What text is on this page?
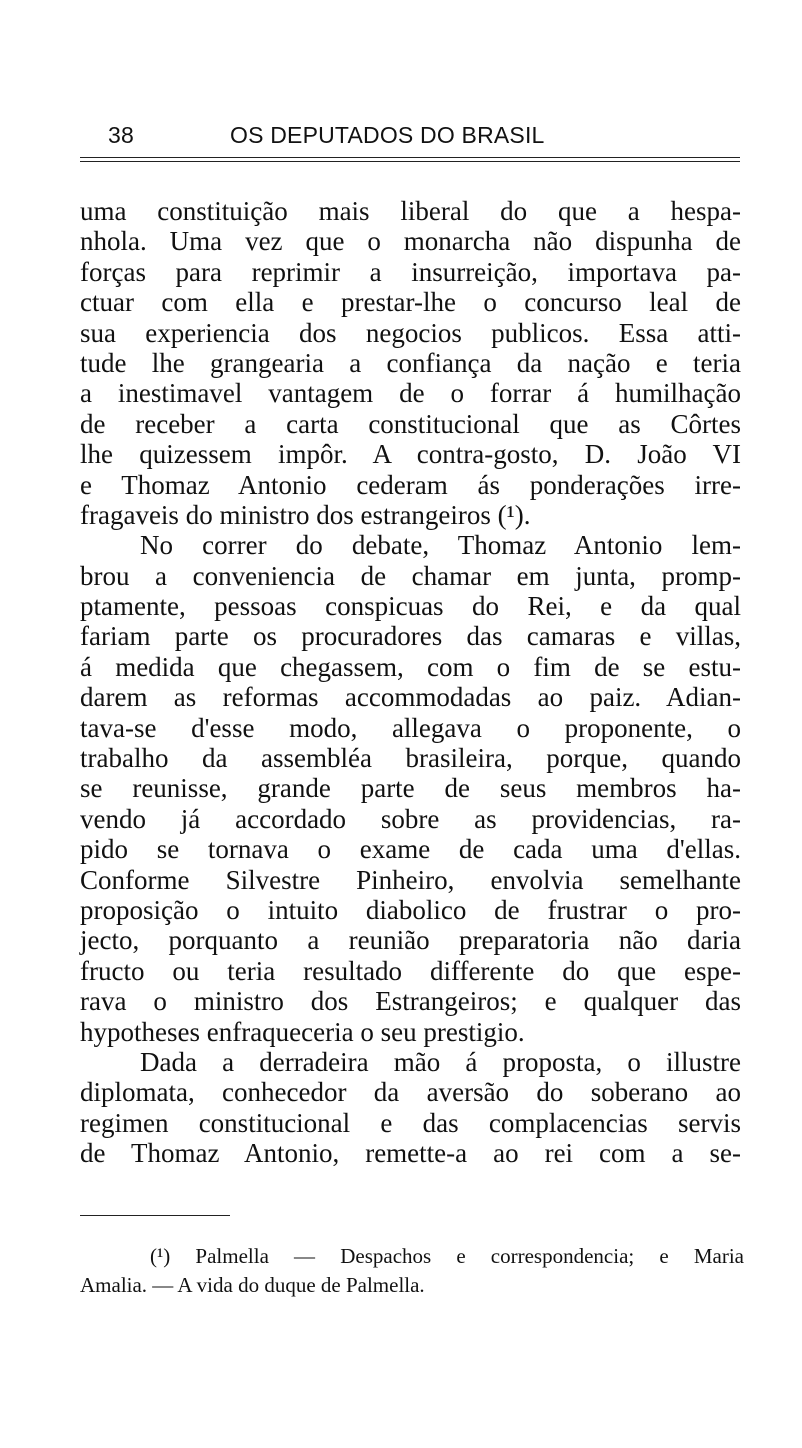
38	OS DEPUTADOS DO BRASIL
uma constituição mais liberal do que a hespa-
nhola. Uma vez que o monarcha não dispunha de
forças para reprimir a insurreição, importava pa-
ctuar com ella e prestar-lhe o concurso leal de
sua experiencia dos negocios publicos. Essa atti-
tude lhe grangearia a confiança da nação e teria
a inestimavel vantagem de o forrar á humilhação
de receber a carta constitucional que as Côrtes
lhe quizessem impôr. A contra-gosto, D. João VI
e Thomaz Antonio cederam ás ponderações irre-
fragaveis do ministro dos estrangeiros (¹).
No correr do debate, Thomaz Antonio lem-
brou a conveniencia de chamar em junta, promp-
ptamente, pessoas conspicuas do Rei, e da qual
fariam parte os procuradores das camaras e villas,
á medida que chegassem, com o fim de se estu-
darem as reformas accommodadas ao paiz. Adian-
tava-se d'esse modo, allegava o proponente, o
trabalho da assembléa brasileira, porque, quando
se reunisse, grande parte de seus membros ha-
vendo já accordado sobre as providencias, ra-
pido se tornava o exame de cada uma d'ellas.
Conforme Silvestre Pinheiro, envolvia semelhante
proposição o intuito diabolico de frustrar o pro-
jecto, porquanto a reunião preparatoria não daria
fructo ou teria resultado differente do que espe-
rava o ministro dos Estrangeiros; e qualquer das
hypotheses enfraqueceria o seu prestigio.
Dada a derradeira mão á proposta, o illustre
diplomata, conhecedor da aversão do soberano ao
regimen constitucional e das complacencias servis
de Thomaz Antonio, remette-a ao rei com a se-
(¹) Palmella — Despachos e correspondencia; e Maria
Amalia. — A vida do duque de Palmella.
